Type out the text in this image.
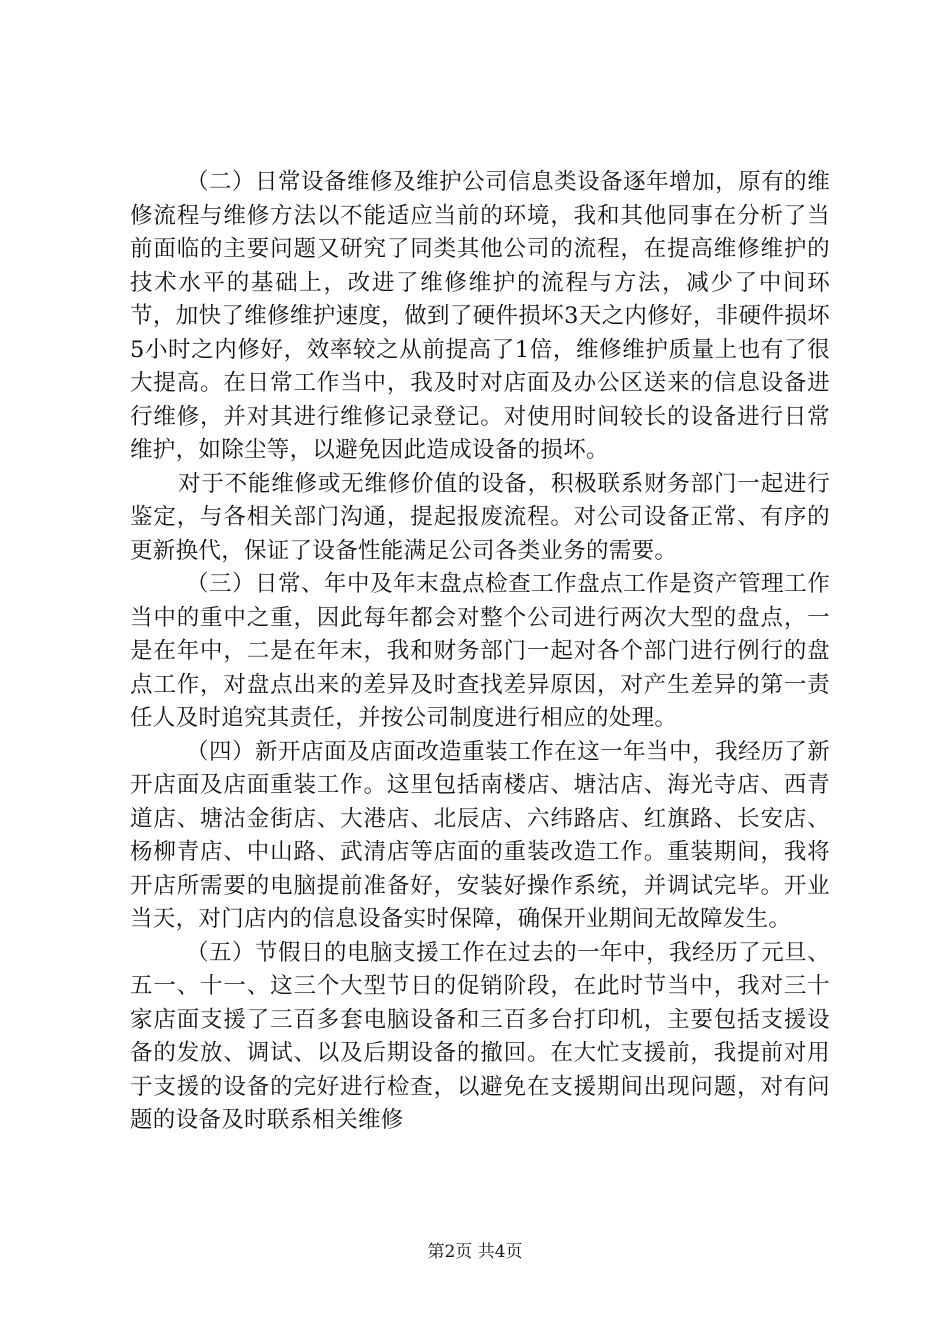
（二）日常设备维修及维护公司信息类设备逐年增加，原有的维修流程与维修方法以不能适应当前的环境，我和其他同事在分析了当前面临的主要问题又研究了同类其他公司的流程，在提高维修维护的技术水平的基础上，改进了维修维护的流程与方法，减少了中间环节，加快了维修维护速度，做到了硬件损坏3天之内修好，非硬件损坏5小时之内修好，效率较之从前提高了1倍，维修维护质量上也有了很大提高。在日常工作当中，我及时对店面及办公区送来的信息设备进行维修，并对其进行维修记录登记。对使用时间较长的设备进行日常维护，如除尘等，以避免因此造成设备的损坏。

对于不能维修或无维修价值的设备，积极联系财务部门一起进行鉴定，与各相关部门沟通，提起报废流程。对公司设备正常、有序的更新换代，保证了设备性能满足公司各类业务的需要。

（三）日常、年中及年末盘点检查工作盘点工作是资产管理工作当中的重中之重，因此每年都会对整个公司进行两次大型的盘点，一是在年中，二是在年末，我和财务部门一起对各个部门进行例行的盘点工作，对盘点出来的差异及时查找差异原因，对产生差异的第一责任人及时追究其责任，并按公司制度进行相应的处理。

（四）新开店面及店面改造重装工作在这一年当中，我经历了新开店面及店面重装工作。这里包括南楼店、塘沽店、海光寺店、西青道店、塘沽金街店、大港店、北辰店、六纬路店、红旗路、长安店、杨柳青店、中山路、武清店等店面的重装改造工作。重装期间，我将开店所需要的电脑提前准备好，安装好操作系统，并调试完毕。开业当天，对门店内的信息设备实时保障，确保开业期间无故障发生。

（五）节假日的电脑支援工作在过去的一年中，我经历了元旦、五一、十一、这三个大型节日的促销阶段，在此时节当中，我对三十家店面支援了三百多套电脑设备和三百多台打印机，主要包括支援设备的发放、调试、以及后期设备的撤回。在大忙支援前，我提前对用于支援的设备的完好进行检查，以避免在支援期间出现问题，对有问题的设备及时联系相关维修

第2页 共4页
